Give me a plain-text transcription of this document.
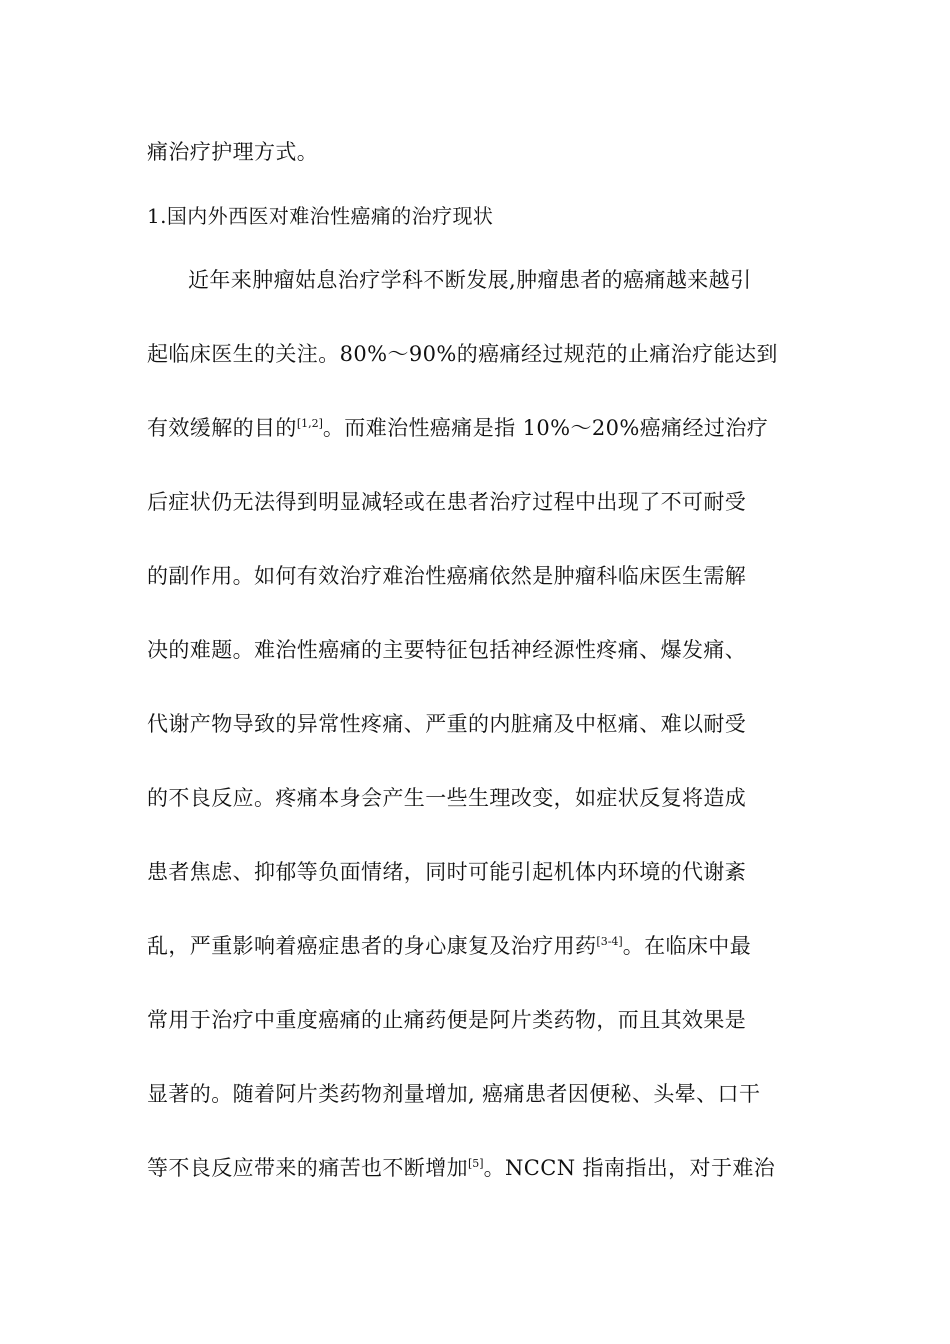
痛治疗护理方式。
1.国内外西医对难治性癌痛的治疗现状
近年来肿瘤姑息治疗学科不断发展,肿瘤患者的癌痛越来越引
起临床医生的关注。80%～90%的癌痛经过规范的止痛治疗能达到
有效缓解的目的[1,2]。而难治性癌痛是指 10%～20%癌痛经过治疗
后症状仍无法得到明显减轻或在患者治疗过程中出现了不可耐受
的副作用。如何有效治疗难治性癌痛依然是肿瘤科临床医生需解
决的难题。难治性癌痛的主要特征包括神经源性疼痛、爆发痛、
代谢产物导致的异常性疼痛、严重的内脏痛及中枢痛、难以耐受
的不良反应。疼痛本身会产生一些生理改变，如症状反复将造成
患者焦虑、抑郁等负面情绪，同时可能引起机体内环境的代谢紊
乱，严重影响着癌症患者的身心康复及治疗用药[3-4]。在临床中最
常用于治疗中重度癌痛的止痛药便是阿片类药物，而且其效果是
显著的。随着阿片类药物剂量增加, 癌痛患者因便秘、头晕、口干
等不良反应带来的痛苦也不断增加[5]。NCCN 指南指出，对于难治
